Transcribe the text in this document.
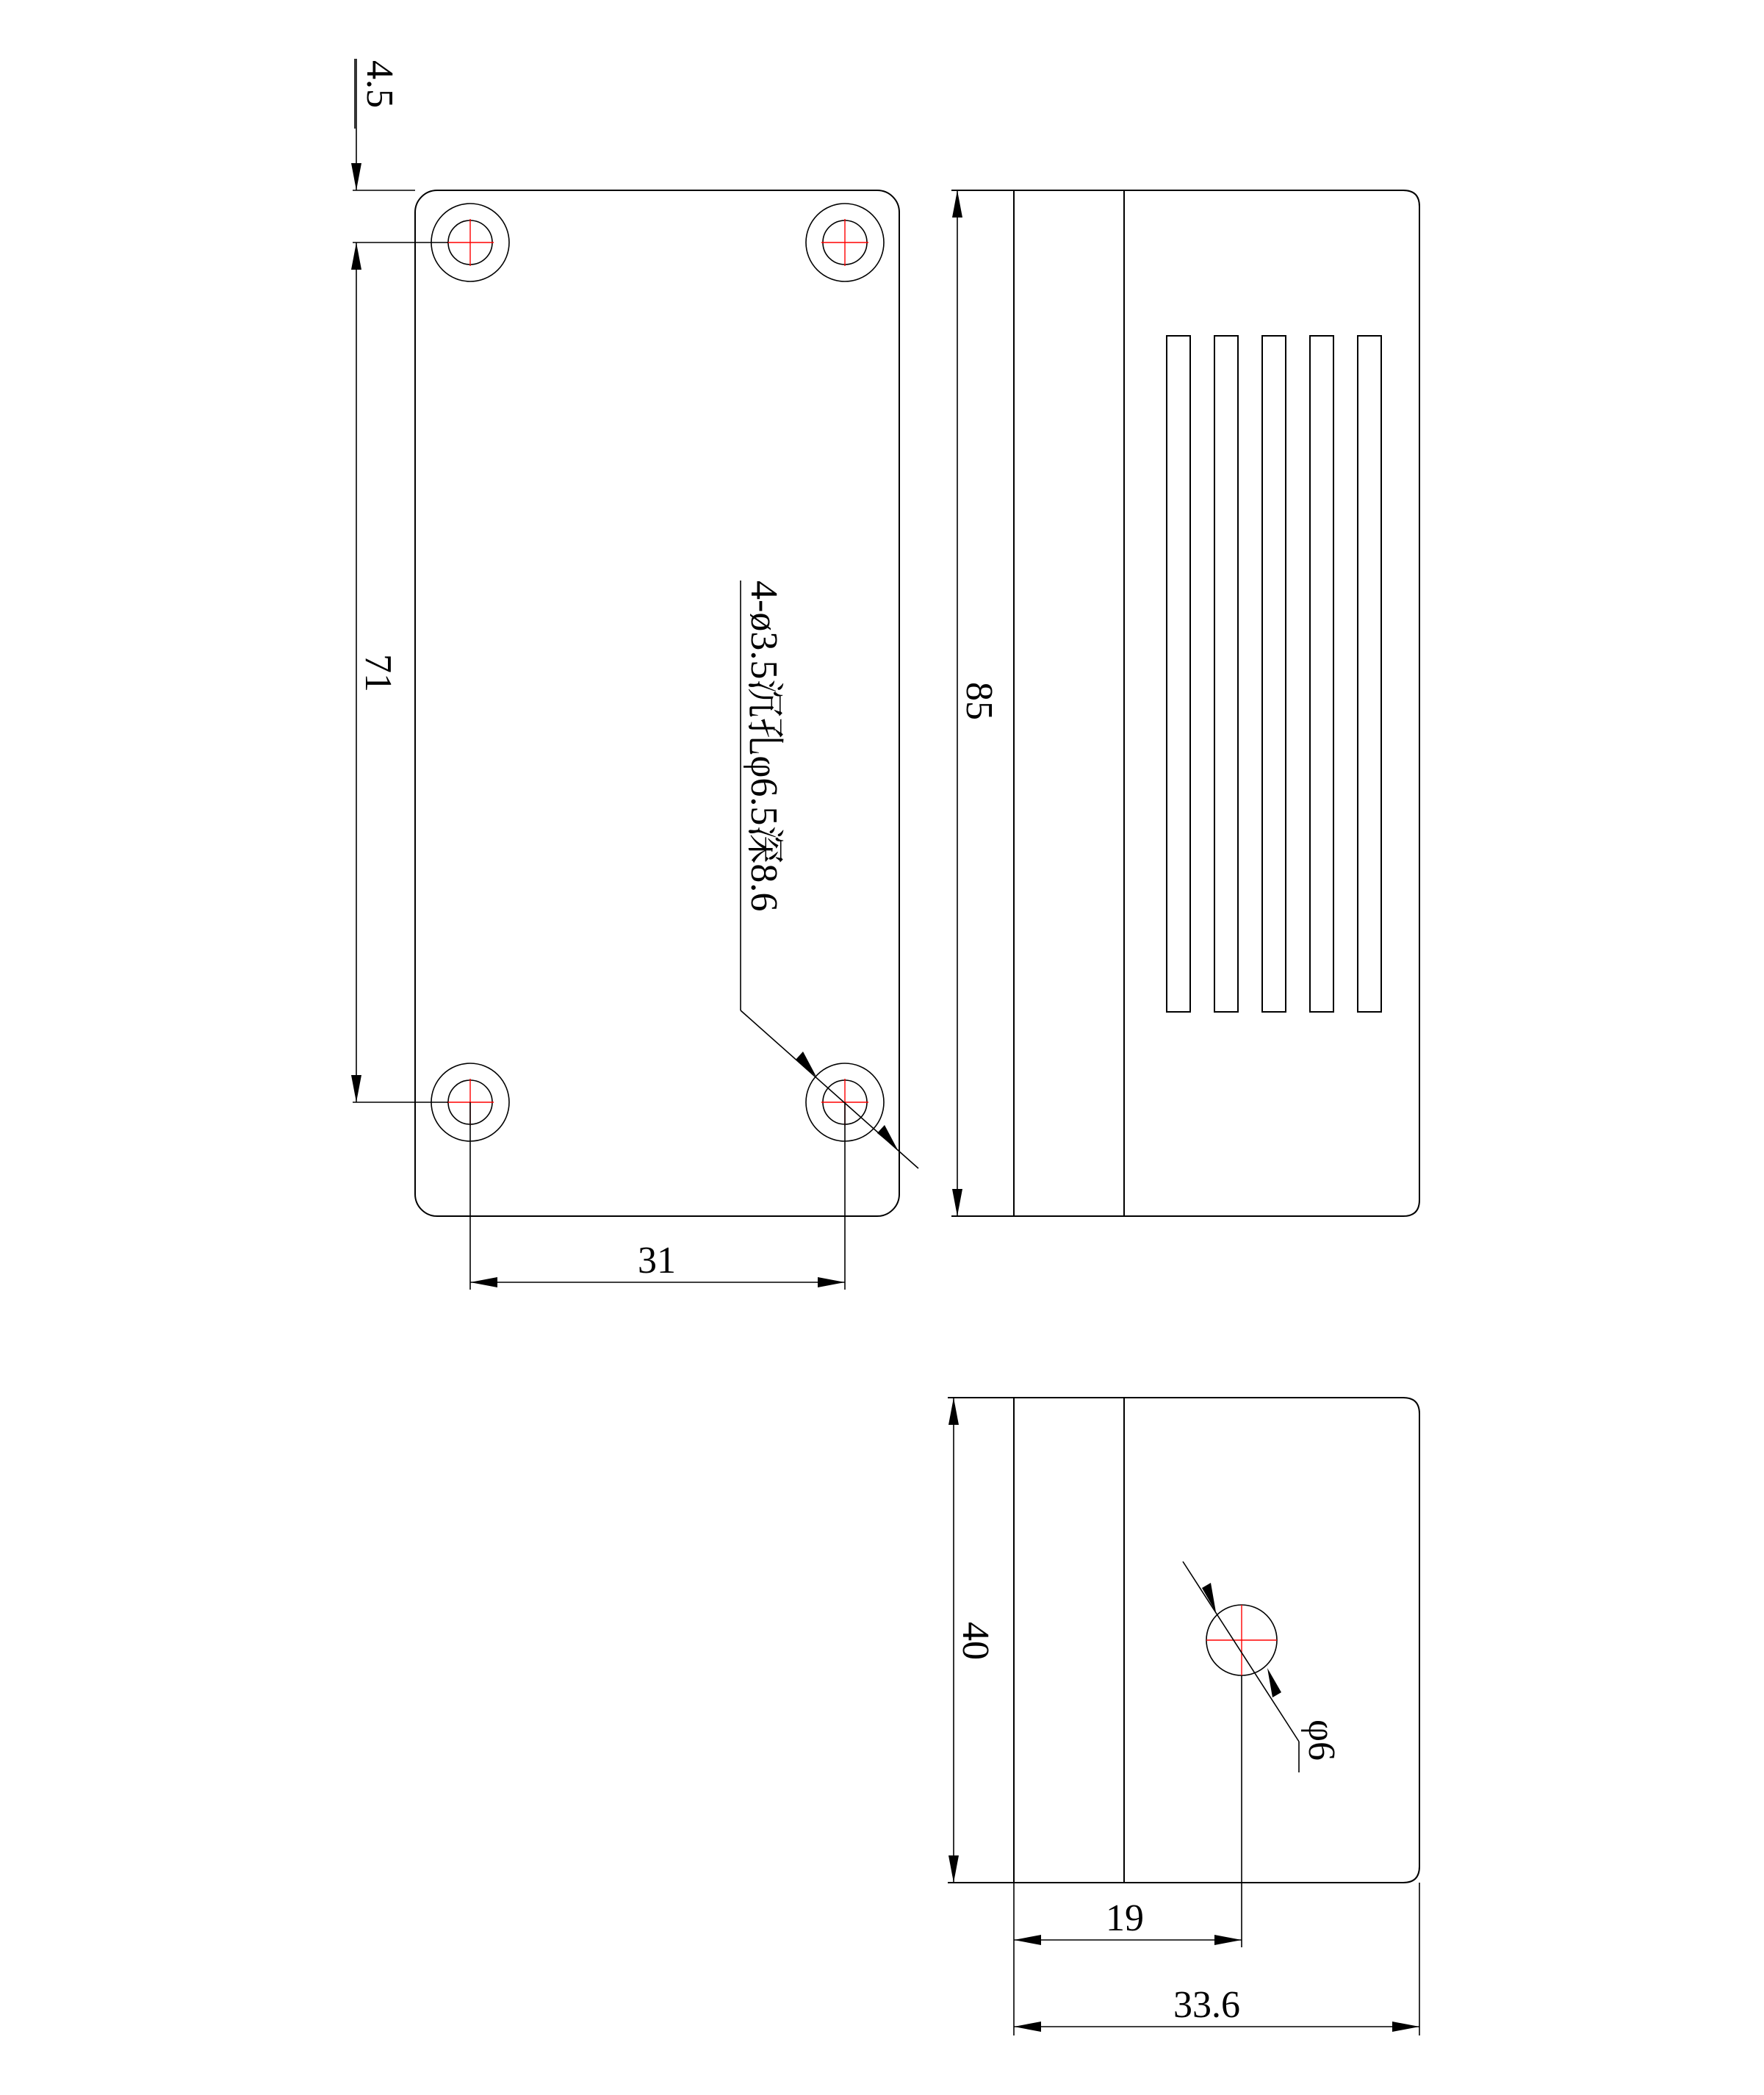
4.5
71
31
4-ø3.5沉孔φ6.5深8.6	85
φ6
40
19
33.6
